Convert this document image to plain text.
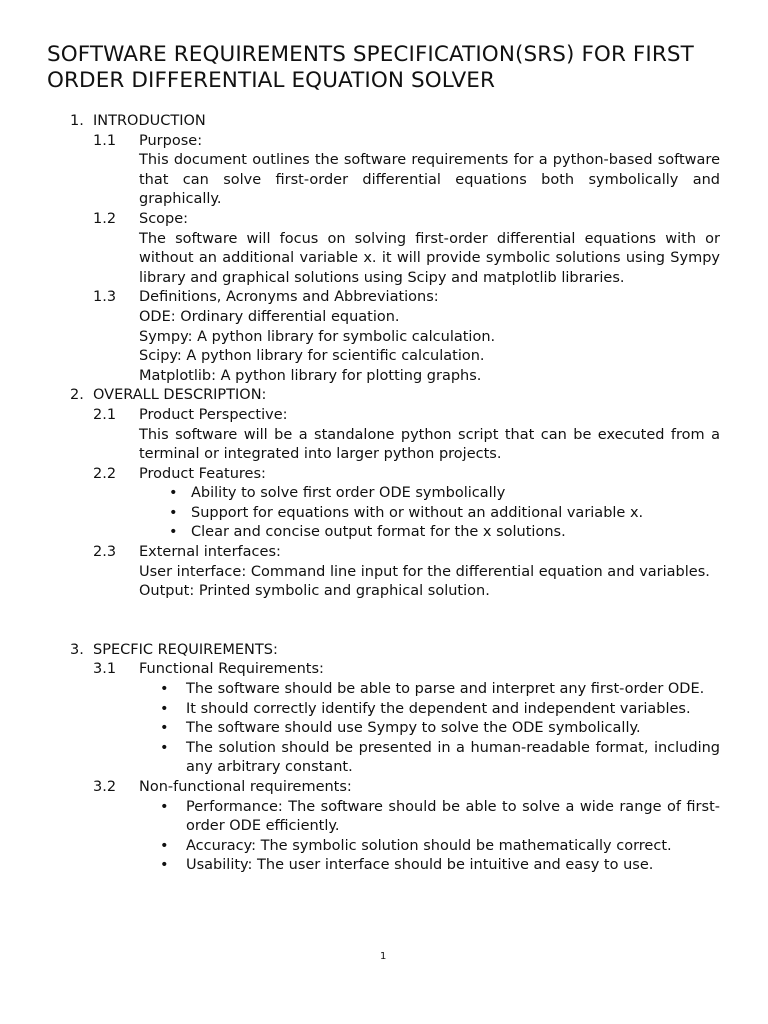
SOFTWARE REQUIREMENTS SPECIFICATION(SRS) FOR FIRST ORDER DIFFERENTIAL EQUATION SOLVER
1. INTRODUCTION
1.1 Purpose:
This document outlines the software requirements for a python-based software that can solve first-order differential equations both symbolically and graphically.
1.2 Scope:
The software will focus on solving first-order differential equations with or without an additional variable x. it will provide symbolic solutions using Sympy library and graphical solutions using Scipy and matplotlib libraries.
1.3 Definitions, Acronyms and Abbreviations:
ODE: Ordinary differential equation.
Sympy: A python library for symbolic calculation.
Scipy: A python library for scientific calculation.
Matplotlib: A python library for plotting graphs.
2. OVERALL DESCRIPTION:
2.1 Product Perspective:
This software will be a standalone python script that can be executed from a terminal or integrated into larger python projects.
2.2 Product Features:
• Ability to solve first order ODE symbolically
• Support for equations with or without an additional variable x.
• Clear and concise output format for the x solutions.
2.3 External interfaces:
User interface: Command line input for the differential equation and variables.
Output: Printed symbolic and graphical solution.
3. SPECFIC REQUIREMENTS:
3.1 Functional Requirements:
• The software should be able to parse and interpret any first-order ODE.
• It should correctly identify the dependent and independent variables.
• The software should use Sympy to solve the ODE symbolically.
• The solution should be presented in a human-readable format, including any arbitrary constant.
3.2 Non-functional requirements:
• Performance: The software should be able to solve a wide range of first-order ODE efficiently.
• Accuracy: The symbolic solution should be mathematically correct.
• Usability: The user interface should be intuitive and easy to use.
1
